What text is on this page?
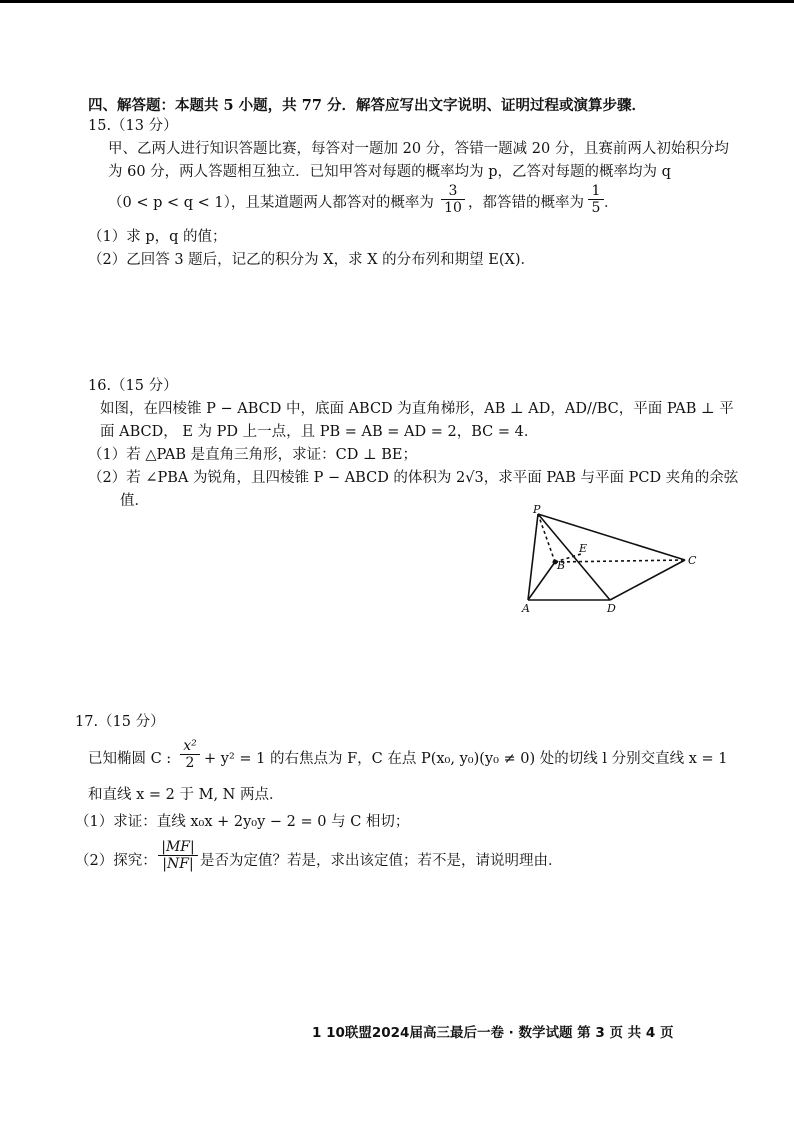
四、解答题：本题共 5 小题，共 77 分．解答应写出文字说明、证明过程或演算步骤．
15.（13 分）
甲、乙两人进行知识答题比赛，每答对一题加 20 分，答错一题减 20 分，且赛前两人初始积分均
为 60 分，两人答题相互独立．已知甲答对每题的概率均为 p，乙答对每题的概率均为 q
（0 < p < q < 1），且某道题两人都答对的概率为 $\frac{3}{10}$ ，都答错的概率为 $\frac{1}{5}$ ．
（1）求 p，q 的值；
（2）乙回答 3 题后，记乙的积分为 X，求 X 的分布列和期望 E(X)．
16.（15 分）
如图，在四棱锥 P − ABCD 中，底面 ABCD 为直角梯形，AB ⊥ AD，AD//BC，平面 PAB ⊥ 平
面 ABCD， E 为 PD 上一点，且 PB = AB = AD = 2，BC = 4．
（1）若 △PAB 是直角三角形，求证：CD ⊥ BE；
（2）若 ∠PBA 为锐角，且四棱锥 P − ABCD 的体积为 2√3，求平面 PAB 与平面 PCD 夹角的余弦
值．
P
E
C
B
A	D
17.（15 分）
已知椭圆 C : $\frac{\text{x²}}{2} + y^2 = 1$ 的右焦点为 F，C 在点 P(x₀, y₀)(y₀ ≠ 0) 处的切线 l 分别交直线 x = 1
和直线 x = 2 于 M, N 两点．
（1）求证：直线 x₀x + 2y₀y − 2 = 0 与 C 相切；
（2）探究： $\frac{|MF|}{|NF|}$ 是否为定值？若是，求出该定值；若不是，请说明理由．
1 10联盟2024届高三最后一卷 · 数学试题 第 3 页 共 4 页
